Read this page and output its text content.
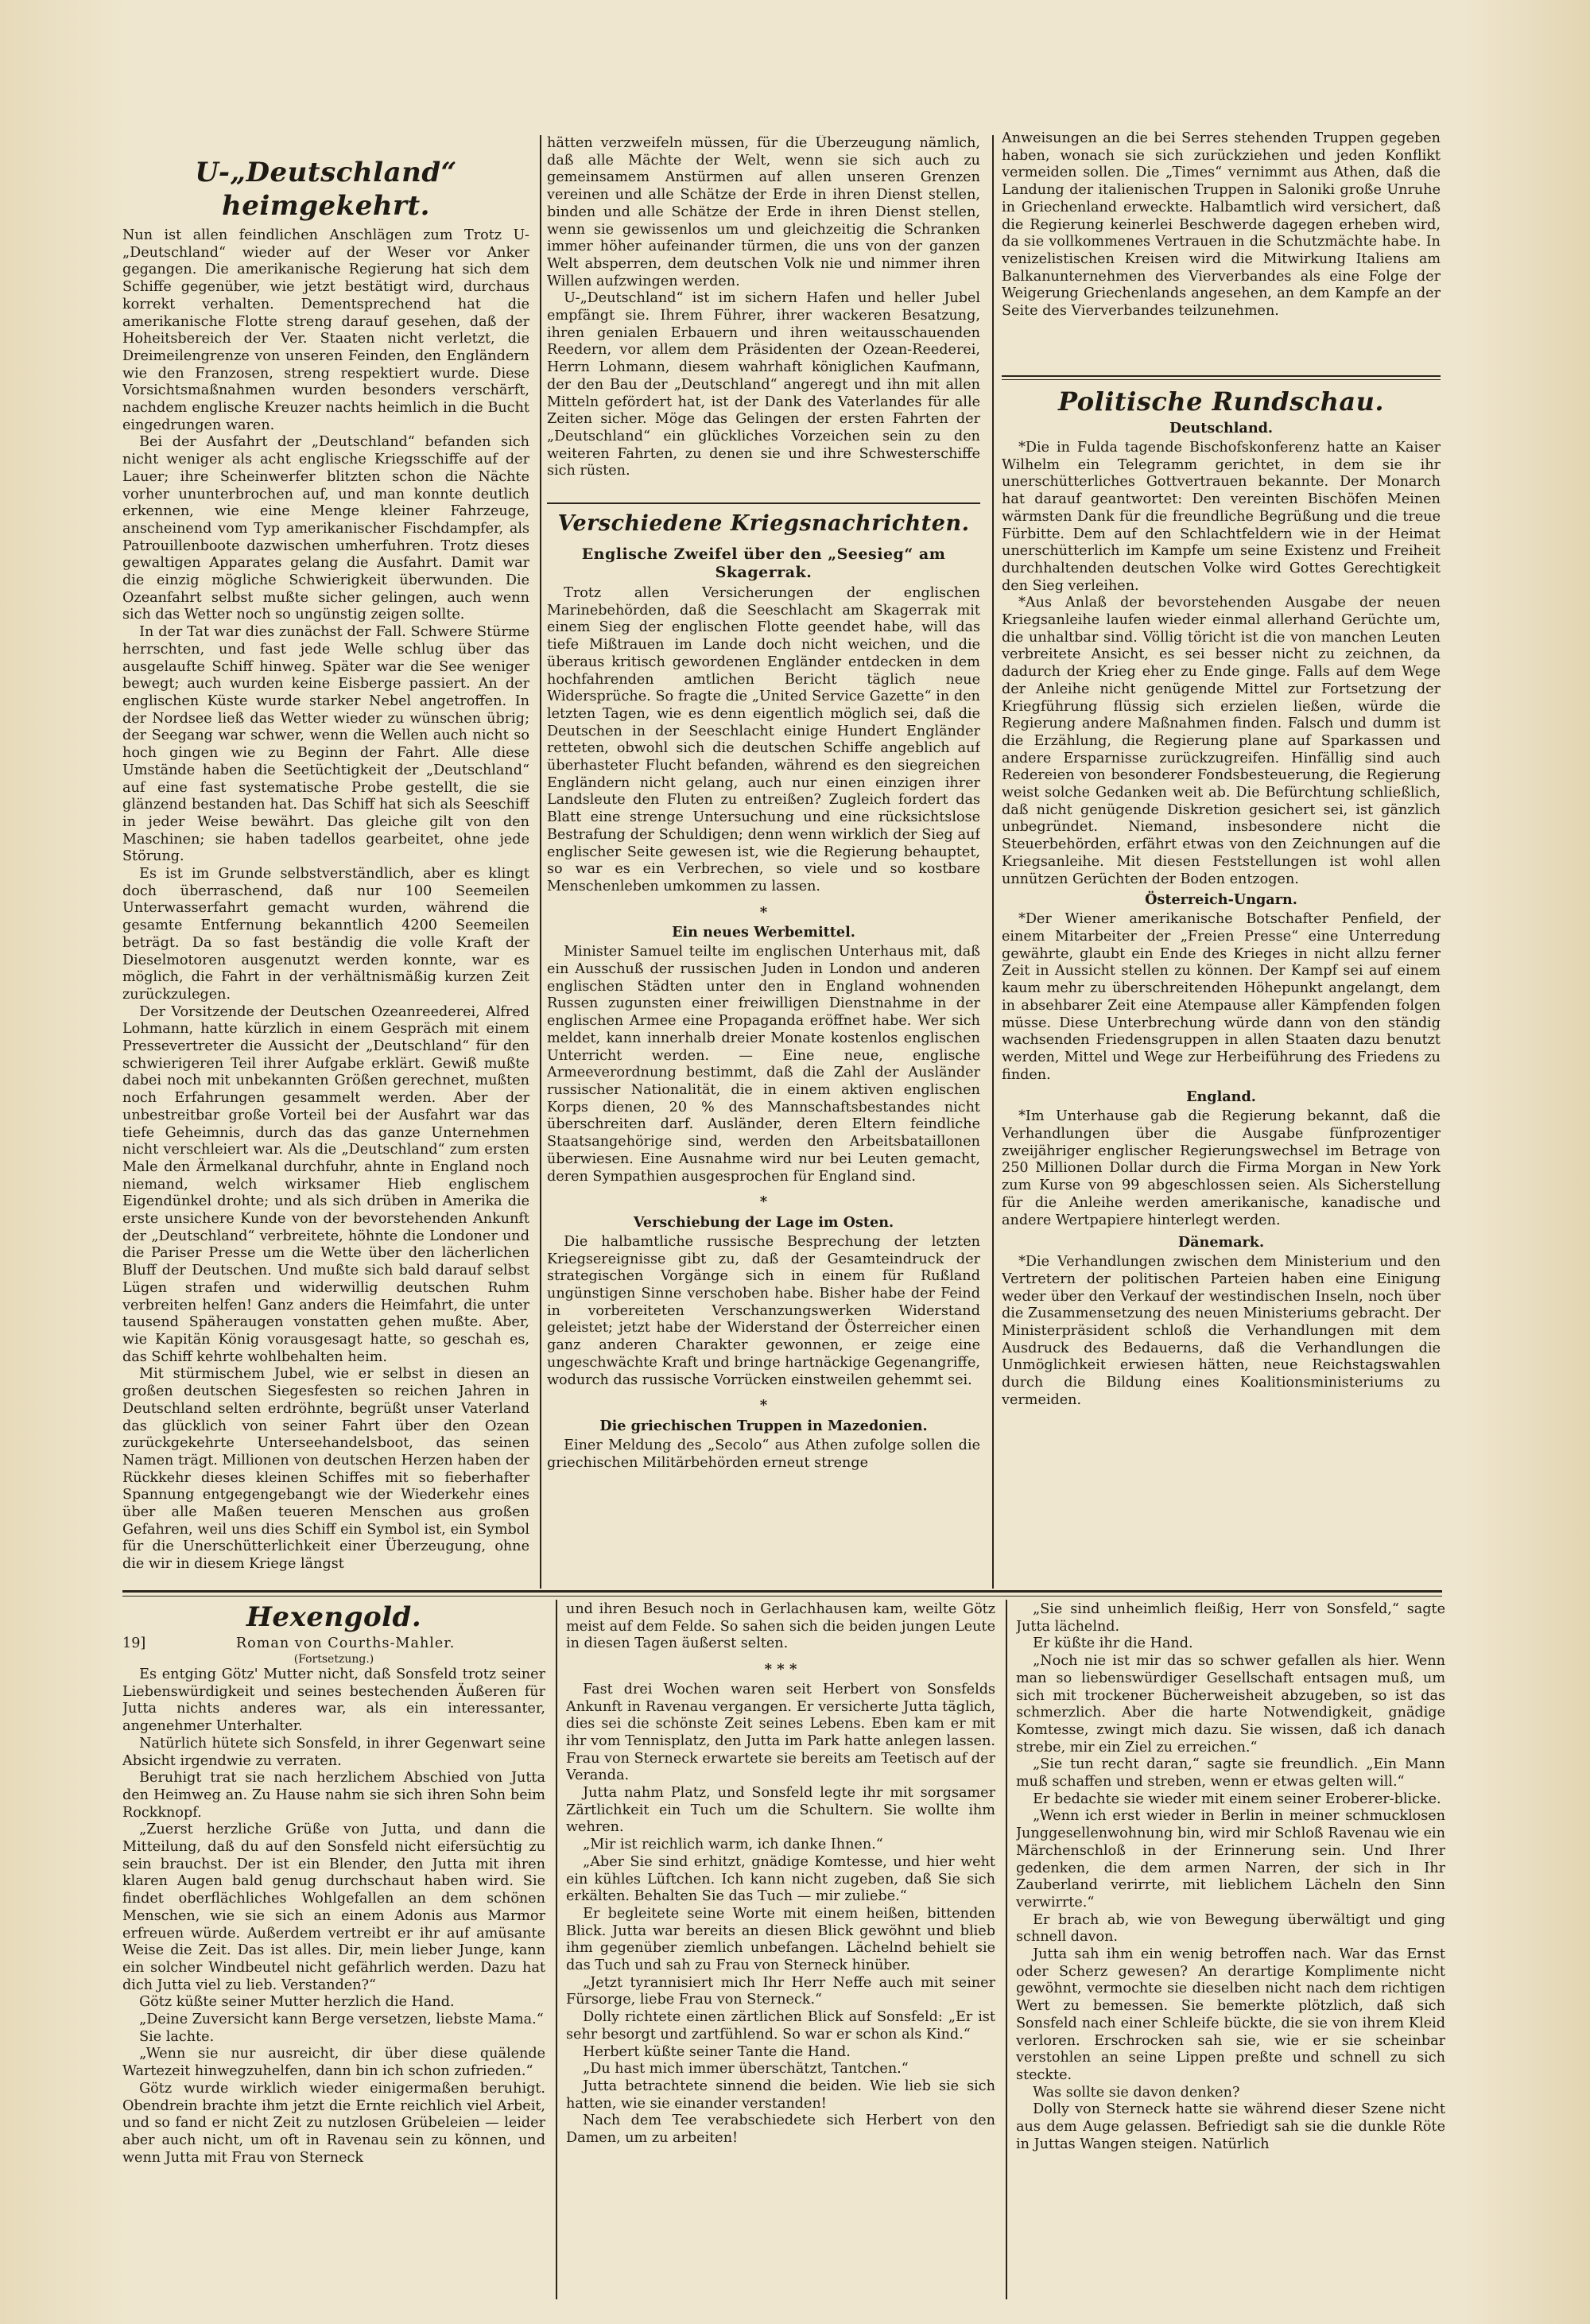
U-„Deutschland“ heimgekehrt.

Nun ist allen feindlichen Anschlägen zum Trotz U-„Deutschland“ wieder auf der Weser vor Anker gegangen. Die amerikanische Regierung hat sich dem Schiffe gegenüber, wie jetzt bestätigt wird, durchaus korrekt verhalten. Dementsprechend hat die amerikanische Flotte streng darauf gesehen, daß der Hoheitsbereich der Ver. Staaten nicht verletzt, die Dreimeilengrenze von unseren Feinden, den Engländern wie den Franzosen, streng respektiert wurde. Diese Vorsichtsmaßnahmen wurden besonders verschärft, nachdem englische Kreuzer nachts heimlich in die Bucht eingedrungen waren.

Bei der Ausfahrt der „Deutschland“ befanden sich nicht weniger als acht englische Kriegsschiffe auf der Lauer; ihre Scheinwerfer blitzten schon die Nächte vorher ununterbrochen auf, und man konnte deutlich erkennen, wie eine Menge kleiner Fahrzeuge, anscheinend vom Typ amerikanischer Fischdampfer, als Patrouillenboote dazwischen umherfuhren. Trotz dieses gewaltigen Apparates gelang die Ausfahrt. Damit war die einzig mögliche Schwierigkeit überwunden. Die Ozeanfahrt selbst mußte sicher gelingen, auch wenn sich das Wetter noch so ungünstig zeigen sollte.

In der Tat war dies zunächst der Fall. Schwere Stürme herrschten, und fast jede Welle schlug über das ausgelaufte Schiff hinweg. Später war die See weniger bewegt; auch wurden keine Eisberge passiert. An der englischen Küste wurde starker Nebel angetroffen. In der Nordsee ließ das Wetter wieder zu wünschen übrig; der Seegang war schwer, wenn die Wellen auch nicht so hoch gingen wie zu Beginn der Fahrt. Alle diese Umstände haben die Seetüchtigkeit der „Deutschland“ auf eine fast systematische Probe gestellt, die sie glänzend bestanden hat. Das Schiff hat sich als Seeschiff in jeder Weise bewährt. Das gleiche gilt von den Maschinen; sie haben tadellos gearbeitet, ohne jede Störung.

Es ist im Grunde selbstverständlich, aber es klingt doch überraschend, daß nur 100 Seemeilen Unterwasserfahrt gemacht wurden, während die gesamte Entfernung bekanntlich 4200 Seemeilen beträgt. Da so fast beständig die volle Kraft der Dieselmotoren ausgenutzt werden konnte, war es möglich, die Fahrt in der verhältnismäßig kurzen Zeit zurückzulegen.

Der Vorsitzende der Deutschen Ozeanreederei, Alfred Lohmann, hatte kürzlich in einem Gespräch mit einem Pressevertreter die Aussicht der „Deutschland“ für den schwierigeren Teil ihrer Aufgabe erklärt. Gewiß mußte dabei noch mit unbekannten Größen gerechnet, mußten noch Erfahrungen gesammelt werden. Aber der unbestreitbar große Vorteil bei der Ausfahrt war das tiefe Geheimnis, durch das das ganze Unternehmen nicht verschleiert war. Als die „Deutschland“ zum ersten Male den Ärmelkanal durchfuhr, ahnte in England noch niemand, welch wirksamer Hieb englischem Eigendünkel drohte; und als sich drüben in Amerika die erste unsichere Kunde von der bevorstehenden Ankunft der „Deutschland“ verbreitete, höhnte die Londoner und die Pariser Presse um die Wette über den lächerlichen Bluff der Deutschen. Und mußte sich bald darauf selbst Lügen strafen und widerwillig deutschen Ruhm verbreiten helfen! Ganz anders die Heimfahrt, die unter tausend Späheraugen vonstatten gehen mußte. Aber, wie Kapitän König vorausgesagt hatte, so geschah es, das Schiff kehrte wohlbehalten heim.

Mit stürmischem Jubel, wie er selbst in diesen an großen deutschen Siegesfesten so reichen Jahren in Deutschland selten erdröhnte, begrüßt unser Vaterland das glücklich von seiner Fahrt über den Ozean zurückgekehrte Unterseehandelsboot, das seinen Namen trägt. Millionen von deutschen Herzen haben der Rückkehr dieses kleinen Schiffes mit so fieberhafter Spannung entgegengebangt wie der Wiederkehr eines über alle Maßen teueren Menschen aus großen Gefahren, weil uns dies Schiff ein Symbol ist, ein Symbol für die Unerschütterlichkeit einer Überzeugung, ohne die wir in diesem Kriege längst

hätten verzweifeln müssen, für die Überzeugung nämlich, daß alle Mächte der Welt, wenn sie sich auch zu gemeinsamem Anstürmen auf allen unseren Grenzen vereinen und alle Schätze der Erde in ihren Dienst stellen, binden und alle Schätze der Erde in ihren Dienst stellen, wenn sie gewissenlos um und gleichzeitig die Schranken immer höher aufeinander türmen, die uns von der ganzen Welt absperren, dem deutschen Volk nie und nimmer ihren Willen aufzwingen werden.

U-„Deutschland“ ist im sichern Hafen und heller Jubel empfängt sie. Ihrem Führer, ihrer wackeren Besatzung, ihren genialen Erbauern und ihren weitausschauenden Reedern, vor allem dem Präsidenten der Ozean-Reederei, Herrn Lohmann, diesem wahrhaft königlichen Kaufmann, der den Bau der „Deutschland“ angeregt und ihn mit allen Mitteln gefördert hat, ist der Dank des Vaterlandes für alle Zeiten sicher. Möge das Gelingen der ersten Fahrten der „Deutschland“ ein glückliches Vorzeichen sein zu den weiteren Fahrten, zu denen sie und ihre Schwesterschiffe sich rüsten.

Verschiedene Kriegsnachrichten.
Englische Zweifel über den „Seesieg“ am Skagerrak.

Trotz allen Versicherungen der englischen Marinebehörden, daß die Seeschlacht am Skagerrak mit einem Sieg der englischen Flotte geendet habe, will das tiefe Mißtrauen im Lande doch nicht weichen, und die überaus kritisch gewordenen Engländer entdecken in dem hochfahrenden amtlichen Bericht täglich neue Widersprüche. So fragte die „United Service Gazette“ in den letzten Tagen, wie es denn eigentlich möglich sei, daß die Deutschen in der Seeschlacht einige Hundert Engländer retteten, obwohl sich die deutschen Schiffe angeblich auf überhasteter Flucht befanden, während es den siegreichen Engländern nicht gelang, auch nur einen einzigen ihrer Landsleute den Fluten zu entreißen? Zugleich fordert das Blatt eine strenge Untersuchung und eine rücksichtslose Bestrafung der Schuldigen; denn wenn wirklich der Sieg auf englischer Seite gewesen ist, wie die Regierung behauptet, so war es ein Verbrechen, so viele und so kostbare Menschenleben umkommen zu lassen.

*
Ein neues Werbemittel.

Minister Samuel teilte im englischen Unterhaus mit, daß ein Ausschuß der russischen Juden in London und anderen englischen Städten unter den in England wohnenden Russen zugunsten einer freiwilligen Dienstnahme in der englischen Armee eine Propaganda eröffnet habe. Wer sich meldet, kann innerhalb dreier Monate kostenlos englischen Unterricht werden. — Eine neue, englische Armeeverordnung bestimmt, daß die Zahl der Ausländer russischer Nationalität, die in einem aktiven englischen Korps dienen, 20 % des Mannschaftsbestandes nicht überschreiten darf. Ausländer, deren Eltern feindliche Staatsangehörige sind, werden den Arbeitsbataillonen überwiesen. Eine Ausnahme wird nur bei Leuten gemacht, deren Sympathien ausgesprochen für England sind.

*
Verschiebung der Lage im Osten.

Die halbamtliche russische Besprechung der letzten Kriegsereignisse gibt zu, daß der Gesamteindruck der strategischen Vorgänge sich in einem für Rußland ungünstigen Sinne verschoben habe. Bisher habe der Feind in vorbereiteten Verschanzungswerken Widerstand geleistet; jetzt habe der Widerstand der Österreicher einen ganz anderen Charakter gewonnen, er zeige eine ungeschwächte Kraft und bringe hartnäckige Gegenangriffe, wodurch das russische Vorrücken einstweilen gehemmt sei.

*
Die griechischen Truppen in Mazedonien.

Einer Meldung des „Secolo“ aus Athen zufolge sollen die griechischen Militärbehörden erneut strenge

Anweisungen an die bei Serres stehenden Truppen gegeben haben, wonach sie sich zurückziehen und jeden Konflikt vermeiden sollen. Die „Times“ vernimmt aus Athen, daß die Landung der italienischen Truppen in Saloniki große Unruhe in Griechenland erweckte. Halbamtlich wird versichert, daß die Regierung keinerlei Beschwerde dagegen erheben wird, da sie vollkommenes Vertrauen in die Schutzmächte habe. In venizelistischen Kreisen wird die Mitwirkung Italiens am Balkanunternehmen des Vierverbandes als eine Folge der Weigerung Griechenlands angesehen, an dem Kampfe an der Seite des Vierverbandes teilzunehmen.

Politische Rundschau.
Deutschland.

*Die in Fulda tagende Bischofskonferenz hatte an Kaiser Wilhelm ein Telegramm gerichtet, in dem sie ihr unerschütterliches Gottvertrauen bekannte. Der Monarch hat darauf geantwortet: Den vereinten Bischöfen Meinen wärmsten Dank für die freundliche Begrüßung und die treue Fürbitte. Dem auf den Schlachtfeldern wie in der Heimat unerschütterlich im Kampfe um seine Existenz und Freiheit durchhaltenden deutschen Volke wird Gottes Gerechtigkeit den Sieg verleihen.

*Aus Anlaß der bevorstehenden Ausgabe der neuen Kriegsanleihe laufen wieder einmal allerhand Gerüchte um, die unhaltbar sind. Völlig töricht ist die von manchen Leuten verbreitete Ansicht, es sei besser nicht zu zeichnen, da dadurch der Krieg eher zu Ende ginge. Falls auf dem Wege der Anleihe nicht genügende Mittel zur Fortsetzung der Kriegführung flüssig sich erzielen ließen, würde die Regierung andere Maßnahmen finden. Falsch und dumm ist die Erzählung, die Regierung plane auf Sparkassen und andere Ersparnisse zurückzugreifen. Hinfällig sind auch Redereien von besonderer Fondsbesteuerung, die Regierung weist solche Gedanken weit ab. Die Befürchtung schließlich, daß nicht genügende Diskretion gesichert sei, ist gänzlich unbegründet. Niemand, insbesondere nicht die Steuerbehörden, erfährt etwas von den Zeichnungen auf die Kriegsanleihe. Mit diesen Feststellungen ist wohl allen unnützen Gerüchten der Boden entzogen.

Österreich-Ungarn.

*Der Wiener amerikanische Botschafter Penfield, der einem Mitarbeiter der „Freien Presse“ eine Unterredung gewährte, glaubt ein Ende des Krieges in nicht allzu ferner Zeit in Aussicht stellen zu können. Der Kampf sei auf einem kaum mehr zu überschreitenden Höhepunkt angelangt, dem in absehbarer Zeit eine Atempause aller Kämpfenden folgen müsse. Diese Unterbrechung würde dann von den ständig wachsenden Friedensgruppen in allen Staaten dazu benutzt werden, Mittel und Wege zur Herbeiführung des Friedens zu finden.

England.

*Im Unterhause gab die Regierung bekannt, daß die Verhandlungen über die Ausgabe fünfprozentiger zweijähriger englischer Regierungswechsel im Betrage von 250 Millionen Dollar durch die Firma Morgan in New York zum Kurse von 99 abgeschlossen seien. Als Sicherstellung für die Anleihe werden amerikanische, kanadische und andere Wertpapiere hinterlegt werden.

Dänemark.

*Die Verhandlungen zwischen dem Ministerium und den Vertretern der politischen Parteien haben eine Einigung weder über den Verkauf der westindischen Inseln, noch über die Zusammensetzung des neuen Ministeriums gebracht. Der Ministerpräsident schloß die Verhandlungen mit dem Ausdruck des Bedauerns, daß die Verhandlungen die Unmöglichkeit erwiesen hätten, neue Reichstagswahlen durch die Bildung eines Koalitionsministeriums zu vermeiden.

Hexengold.
19]	Roman von Courths-Mahler.
(Fortsetzung.)

Es entging Götz' Mutter nicht, daß Sonsfeld trotz seiner Liebenswürdigkeit und seines bestechenden Äußeren für Jutta nichts anderes war, als ein interessanter, angenehmer Unterhalter.

Natürlich hütete sich Sonsfeld, in ihrer Gegenwart seine Absicht irgendwie zu verraten.

Beruhigt trat sie nach herzlichem Abschied von Jutta den Heimweg an. Zu Hause nahm sie sich ihren Sohn beim Rockknopf.

„Zuerst herzliche Grüße von Jutta, und dann die Mitteilung, daß du auf den Sonsfeld nicht eifersüchtig zu sein brauchst. Der ist ein Blender, den Jutta mit ihren klaren Augen bald genug durchschaut haben wird. Sie findet oberflächliches Wohlgefallen an dem schönen Menschen, wie sie sich an einem Adonis aus Marmor erfreuen würde. Außerdem vertreibt er ihr auf amüsante Weise die Zeit. Das ist alles. Dir, mein lieber Junge, kann ein solcher Windbeutel nicht gefährlich werden. Dazu hat dich Jutta viel zu lieb. Verstanden?“

Götz küßte seiner Mutter herzlich die Hand.

„Deine Zuversicht kann Berge versetzen, liebste Mama.“

Sie lachte.

„Wenn sie nur ausreicht, dir über diese quälende Wartezeit hinwegzuhelfen, dann bin ich schon zufrieden.“

Götz wurde wirklich wieder einigermaßen beruhigt. Obendrein brachte ihm jetzt die Ernte reichlich viel Arbeit, und so fand er nicht Zeit zu nutzlosen Grübeleien — leider aber auch nicht, um oft in Ravenau sein zu können, und wenn Jutta mit Frau von Sterneck

und ihren Besuch noch in Gerlachhausen kam, weilte Götz meist auf dem Felde. So sahen sich die beiden jungen Leute in diesen Tagen äußerst selten.

* * *

Fast drei Wochen waren seit Herbert von Sonsfelds Ankunft in Ravenau vergangen. Er versicherte Jutta täglich, dies sei die schönste Zeit seines Lebens. Eben kam er mit ihr vom Tennisplatz, den Jutta im Park hatte anlegen lassen. Frau von Sterneck erwartete sie bereits am Teetisch auf der Veranda.

Jutta nahm Platz, und Sonsfeld legte ihr mit sorgsamer Zärtlichkeit ein Tuch um die Schultern. Sie wollte ihm wehren.

„Mir ist reichlich warm, ich danke Ihnen.“

„Aber Sie sind erhitzt, gnädige Komtesse, und hier weht ein kühles Lüftchen. Ich kann nicht zugeben, daß Sie sich erkälten. Behalten Sie das Tuch — mir zuliebe.“

Er begleitete seine Worte mit einem heißen, bittenden Blick. Jutta war bereits an diesen Blick gewöhnt und blieb ihm gegenüber ziemlich unbefangen. Lächelnd behielt sie das Tuch und sah zu Frau von Sterneck hinüber.

„Jetzt tyrannisiert mich Ihr Herr Neffe auch mit seiner Fürsorge, liebe Frau von Sterneck.“

Dolly richtete einen zärtlichen Blick auf Sonsfeld: „Er ist sehr besorgt und zartfühlend. So war er schon als Kind.“

Herbert küßte seiner Tante die Hand.

„Du hast mich immer überschätzt, Tantchen.“

Jutta betrachtete sinnend die beiden. Wie lieb sie sich hatten, wie sie einander verstanden!

Nach dem Tee verabschiedete sich Herbert von den Damen, um zu arbeiten!

„Sie sind unheimlich fleißig, Herr von Sonsfeld,“ sagte Jutta lächelnd.

Er küßte ihr die Hand.

„Noch nie ist mir das so schwer gefallen als hier. Wenn man so liebenswürdiger Gesellschaft entsagen muß, um sich mit trockener Bücherweisheit abzugeben, so ist das schmerzlich. Aber die harte Notwendigkeit, gnädige Komtesse, zwingt mich dazu. Sie wissen, daß ich danach strebe, mir ein Ziel zu erreichen.“

„Sie tun recht daran,“ sagte sie freundlich. „Ein Mann muß schaffen und streben, wenn er etwas gelten will.“

Er bedachte sie wieder mit einem seiner Eroberer-blicke.

„Wenn ich erst wieder in Berlin in meiner schmucklosen Junggesellenwohnung bin, wird mir Schloß Ravenau wie ein Märchenschloß in der Erinnerung sein. Und Ihrer gedenken, die dem armen Narren, der sich in Ihr Zauberland verirrte, mit lieblichem Lächeln den Sinn verwirrte.“

Er brach ab, wie von Bewegung überwältigt und ging schnell davon.

Jutta sah ihm ein wenig betroffen nach. War das Ernst oder Scherz gewesen? An derartige Komplimente nicht gewöhnt, vermochte sie dieselben nicht nach dem richtigen Wert zu bemessen. Sie bemerkte plötzlich, daß sich Sonsfeld nach einer Schleife bückte, die sie von ihrem Kleid verloren. Erschrocken sah sie, wie er sie scheinbar verstohlen an seine Lippen preßte und schnell zu sich steckte.

Was sollte sie davon denken?

Dolly von Sterneck hatte sie während dieser Szene nicht aus dem Auge gelassen. Befriedigt sah sie die dunkle Röte in Juttas Wangen steigen. Natürlich
